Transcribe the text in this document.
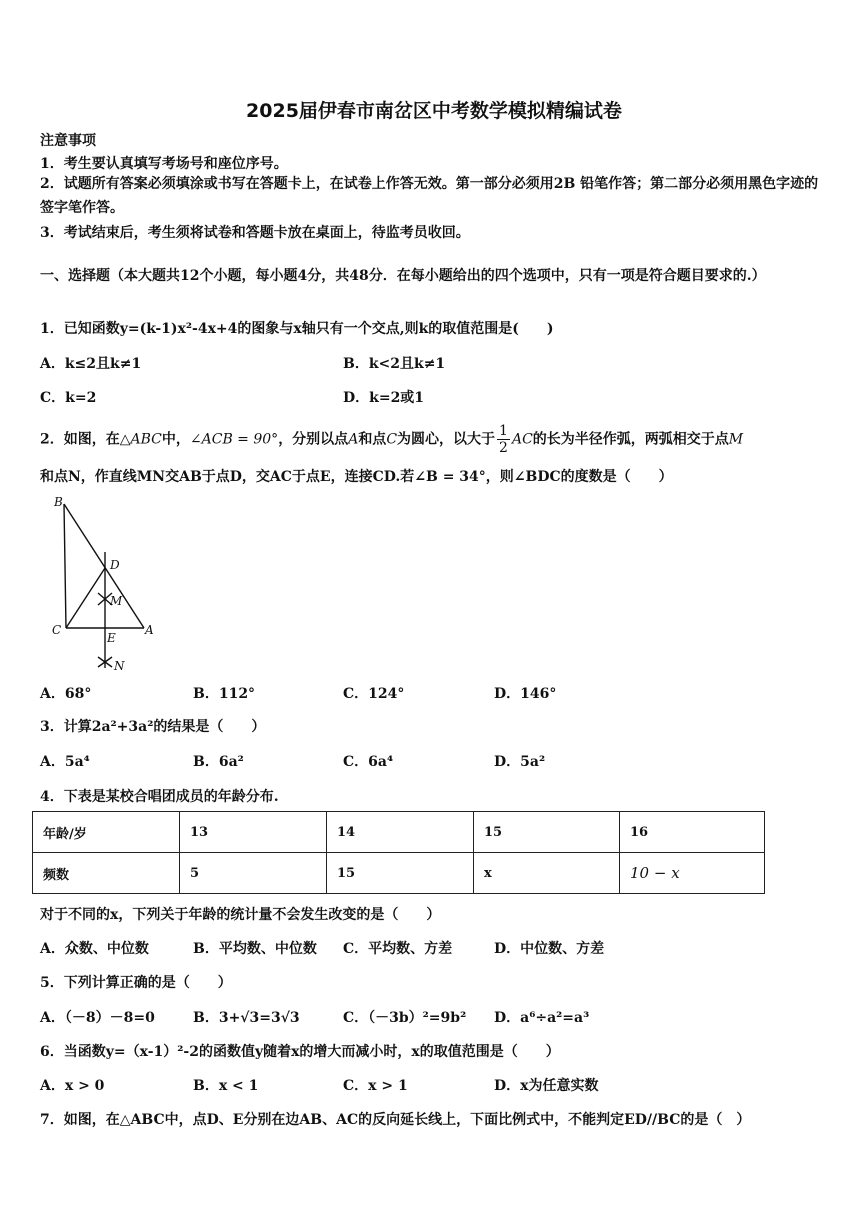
2025届伊春市南岔区中考数学模拟精编试卷
注意事项
1．考生要认真填写考场号和座位序号。
2．试题所有答案必须填涂或书写在答题卡上，在试卷上作答无效。第一部分必须用2B 铅笔作答；第二部分必须用黑色字迹的签字笔作答。
3．考试结束后，考生须将试卷和答题卡放在桌面上，待监考员收回。
一、选择题（本大题共12个小题，每小题4分，共48分．在每小题给出的四个选项中，只有一项是符合题目要求的.）
1．已知函数y=(k-1)x²-4x+4的图象与x轴只有一个交点,则k的取值范围是(　　)
A．k≤2且k≠1	B．k<2且k≠1
C．k=2	D．k=2或1
2．如图，在△ABC中，∠ACB = 90°，分别以点A和点C为圆心，以大于 $\frac{1}{2}$ AC的长为半径作弧，两弧相交于点M
和点N，作直线MN交AB于点D，交AC于点E，连接CD.若∠B = 34°，则∠BDC的度数是（　　）
B
D
M
C
E
A
N
A．68°	B．112°	C．124°	D．146°
3．计算2a²+3a²的结果是（　　）
A．5a⁴	B．6a²	C．6a⁴	D．5a²
4．下表是某校合唱团成员的年龄分布.
年龄/岁	13	14	15	16
频数	5	15	x	10 − x
对于不同的x，下列关于年龄的统计量不会发生改变的是（　　）
A．众数、中位数	B．平均数、中位数 C．平均数、方差	D．中位数、方差
5．下列计算正确的是（　　）
A．（－8）－8=0	B．3+√3=3√3	C．（－3b）²=9b² D．a⁶÷a²=a³
6．当函数y=（x-1）²-2的函数值y随着x的增大而减小时，x的取值范围是（　　）
A．x > 0	B．x < 1	C．x > 1	D．x为任意实数
7．如图，在△ABC中，点D、E分别在边AB、AC的反向延长线上，下面比例式中，不能判定ED//BC的是（　）
